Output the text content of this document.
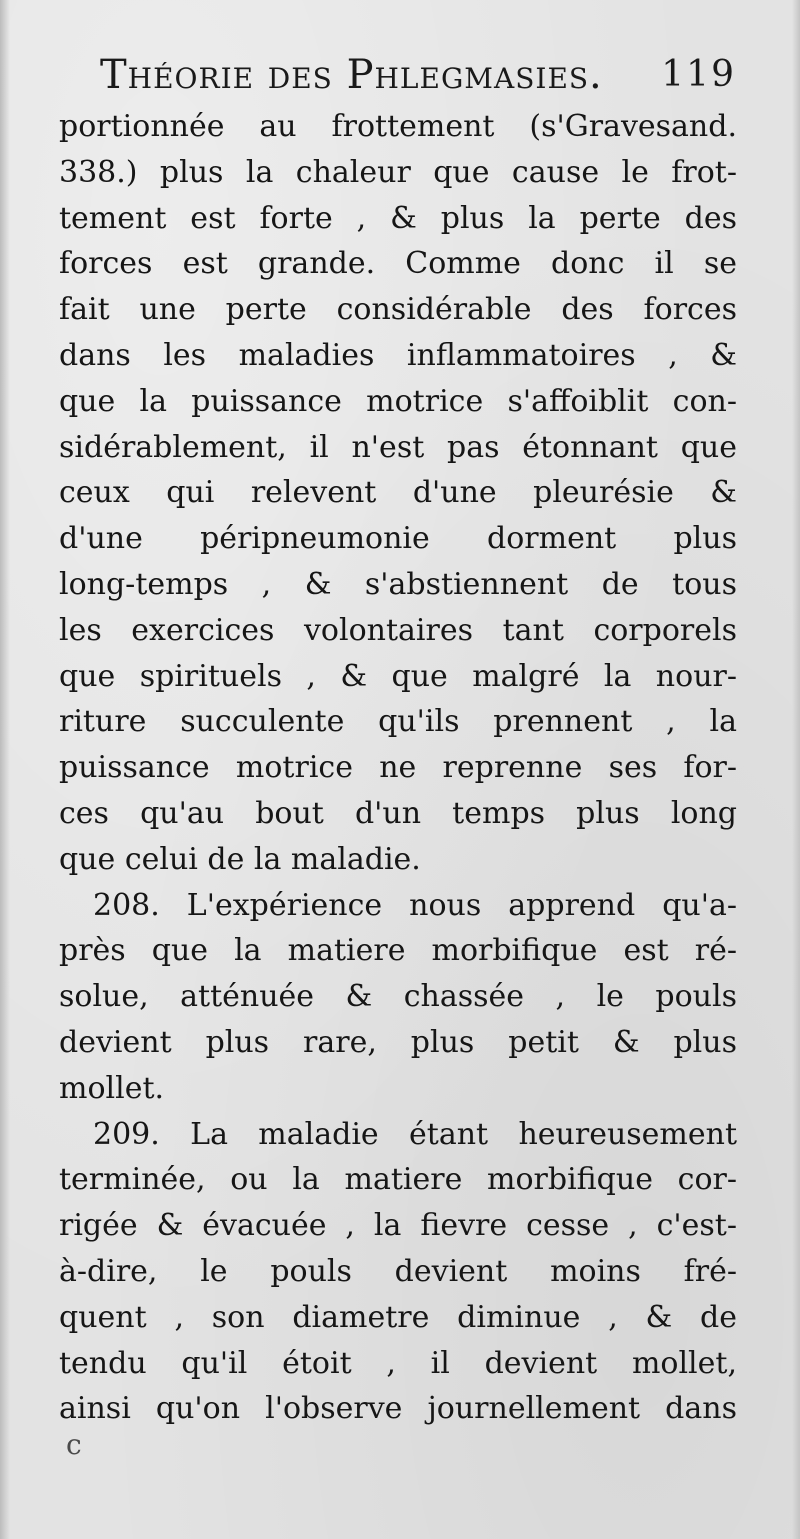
Théorie des Phlegmasies. 119
portionnée au frottement (s'Gravesand.
338.) plus la chaleur que cause le frot-
tement est forte , & plus la perte des
forces est grande. Comme donc il se
fait une perte considérable des forces
dans les maladies inflammatoires , &
que la puissance motrice s'affoiblit con-
sidérablement, il n'est pas étonnant que
ceux qui relevent d'une pleurésie &
d'une péripneumonie dorment plus
long-temps , & s'abstiennent de tous
les exercices volontaires tant corporels
que spirituels , & que malgré la nour-
riture succulente qu'ils prennent , la
puissance motrice ne reprenne ses for-
ces qu'au bout d'un temps plus long
que celui de la maladie.
208. L'expérience nous apprend qu'a-
près que la matiere morbifique est ré-
solue, atténuée & chassée , le pouls
devient plus rare, plus petit & plus
mollet.
209. La maladie étant heureusement
terminée, ou la matiere morbifique cor-
rigée & évacuée , la fievre cesse , c'est-
à-dire, le pouls devient moins fré-
quent , son diametre diminue , & de
tendu qu'il étoit , il devient mollet,
ainsi qu'on l'observe journellement dans
c
